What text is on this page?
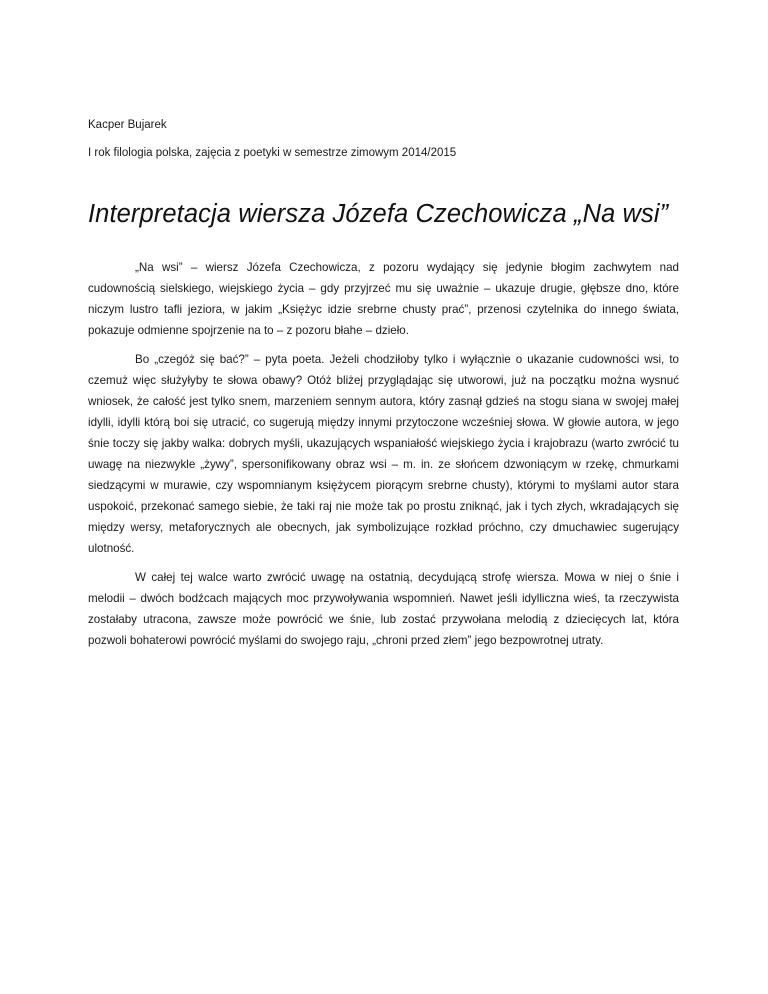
Kacper Bujarek

I rok filologia polska, zajęcia z poetyki w semestrze zimowym 2014/2015

Interpretacja wiersza Józefa Czechowicza „Na wsi”

„Na wsi” – wiersz Józefa Czechowicza, z pozoru wydający się jedynie błogim zachwytem nad cudownością sielskiego, wiejskiego życia – gdy przyjrzeć mu się uważnie – ukazuje drugie, głębsze dno, które niczym lustro tafli jeziora, w jakim „Księżyc idzie srebrne chusty prać”, przenosi czytelnika do innego świata, pokazuje odmienne spojrzenie na to – z pozoru błahe – dzieło.

Bo „czegóż się bać?” – pyta poeta. Jeżeli chodziłoby tylko i wyłącznie o ukazanie cudowności wsi, to czemuż więc służyłyby te słowa obawy? Otóż bliżej przyglądając się utworowi, już na początku można wysnuć wniosek, że całość jest tylko snem, marzeniem sennym autora, który zasnął gdzieś na stogu siana w swojej małej idylli, idylli którą boi się utracić, co sugerują między innymi przytoczone wcześniej słowa. W głowie autora, w jego śnie toczy się jakby walka: dobrych myśli, ukazujących wspaniałość wiejskiego życia i krajobrazu (warto zwrócić tu uwagę na niezwykle „żywy”, spersonifikowany obraz wsi – m. in. ze słońcem dzwoniącym w rzekę, chmurkami siedzącymi w murawie, czy wspomnianym księżycem piorącym srebrne chusty), którymi to myślami autor stara uspokoić, przekonać samego siebie, że taki raj nie może tak po prostu zniknąć, jak i tych złych, wkradających się między wersy, metaforycznych ale obecnych, jak symbolizujące rozkład próchno, czy dmuchawiec sugerujący ulotność.

W całej tej walce warto zwrócić uwagę na ostatnią, decydującą strofę wiersza. Mowa w niej o śnie i melodii – dwóch bodźcach mających moc przywoływania wspomnień. Nawet jeśli idylliczna wieś, ta rzeczywista zostałaby utracona, zawsze może powrócić we śnie, lub zostać przywołana melodią z dziecięcych lat, która pozwoli bohaterowi powrócić myślami do swojego raju, „chroni przed złem” jego bezpowrotnej utraty.
